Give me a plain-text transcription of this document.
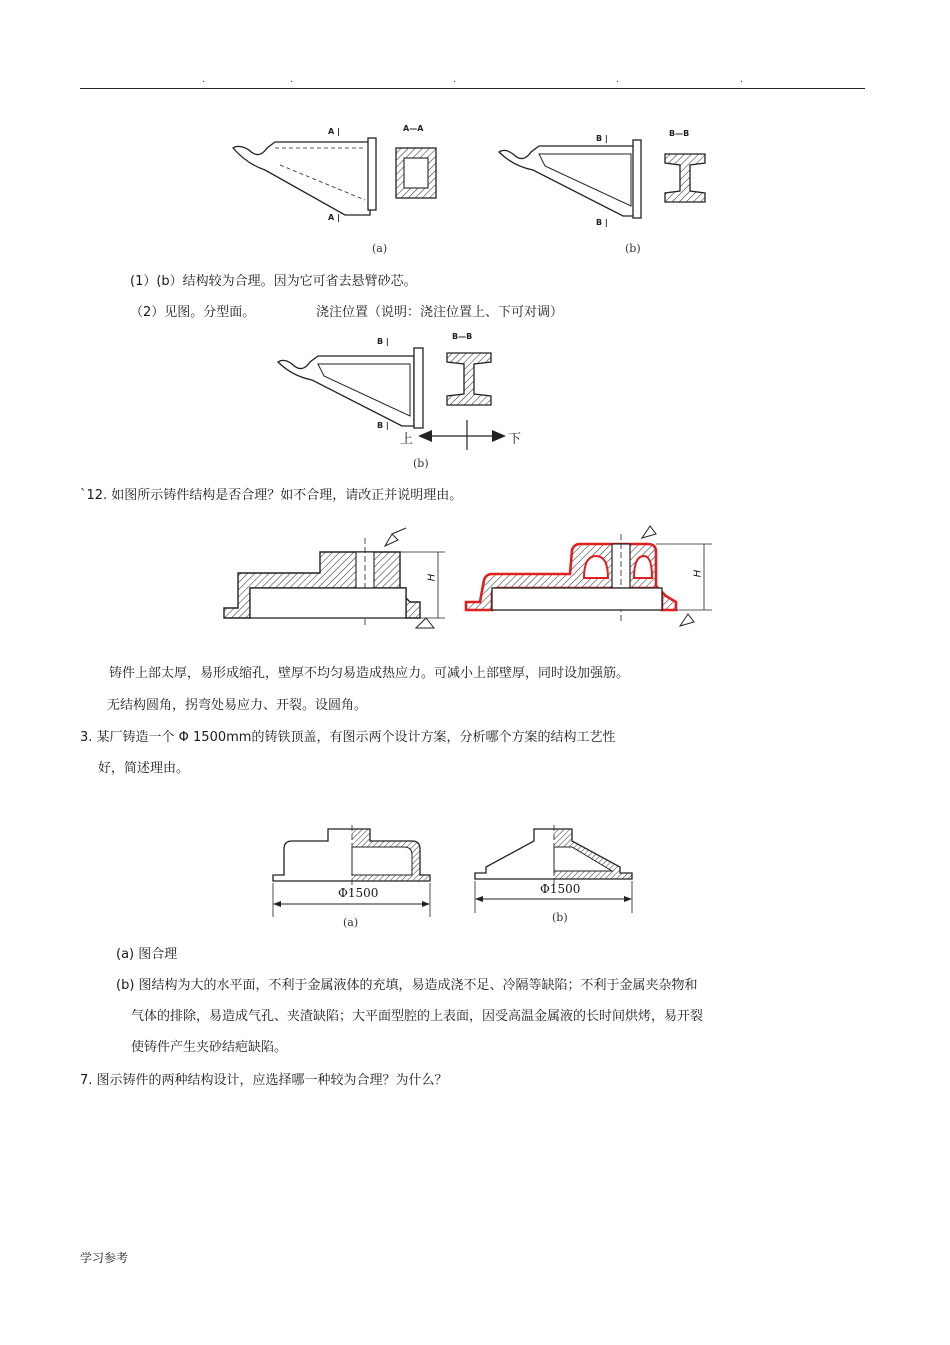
.	.	.	.	.
A |
A |
A—A
(a)
B |
B |
B—B
(b)
(1）(b）结构较为合理。因为它可省去悬臂砂芯。
（2）见图。分型面。	浇注位置（说明：浇注位置上、下可对调）
B |
B |
B—B
上	下
(b)
`12. 如图所示铸件结构是否合理？如不合理，请改正并说明理由。
H
H
铸件上部太厚，易形成缩孔，壁厚不均匀易造成热应力。可减小上部壁厚，同时设加强筋。
无结构圆角，拐弯处易应力、开裂。设圆角。
3. 某厂铸造一个 Φ 1500mm的铸铁顶盖，有图示两个设计方案，分析哪个方案的结构工艺性
好，简述理由。
Φ1500
(a)
Φ1500
(b)
(a) 图合理
(b) 图结构为大的水平面，不利于金属液体的充填，易造成浇不足、冷隔等缺陷；不利于金属夹杂物和
气体的排除，易造成气孔、夹渣缺陷；大平面型腔的上表面，因受高温金属液的长时间烘烤，易开裂
使铸件产生夹砂结疤缺陷。
7. 图示铸件的两种结构设计，应选择哪一种较为合理？为什么？
学习参考
